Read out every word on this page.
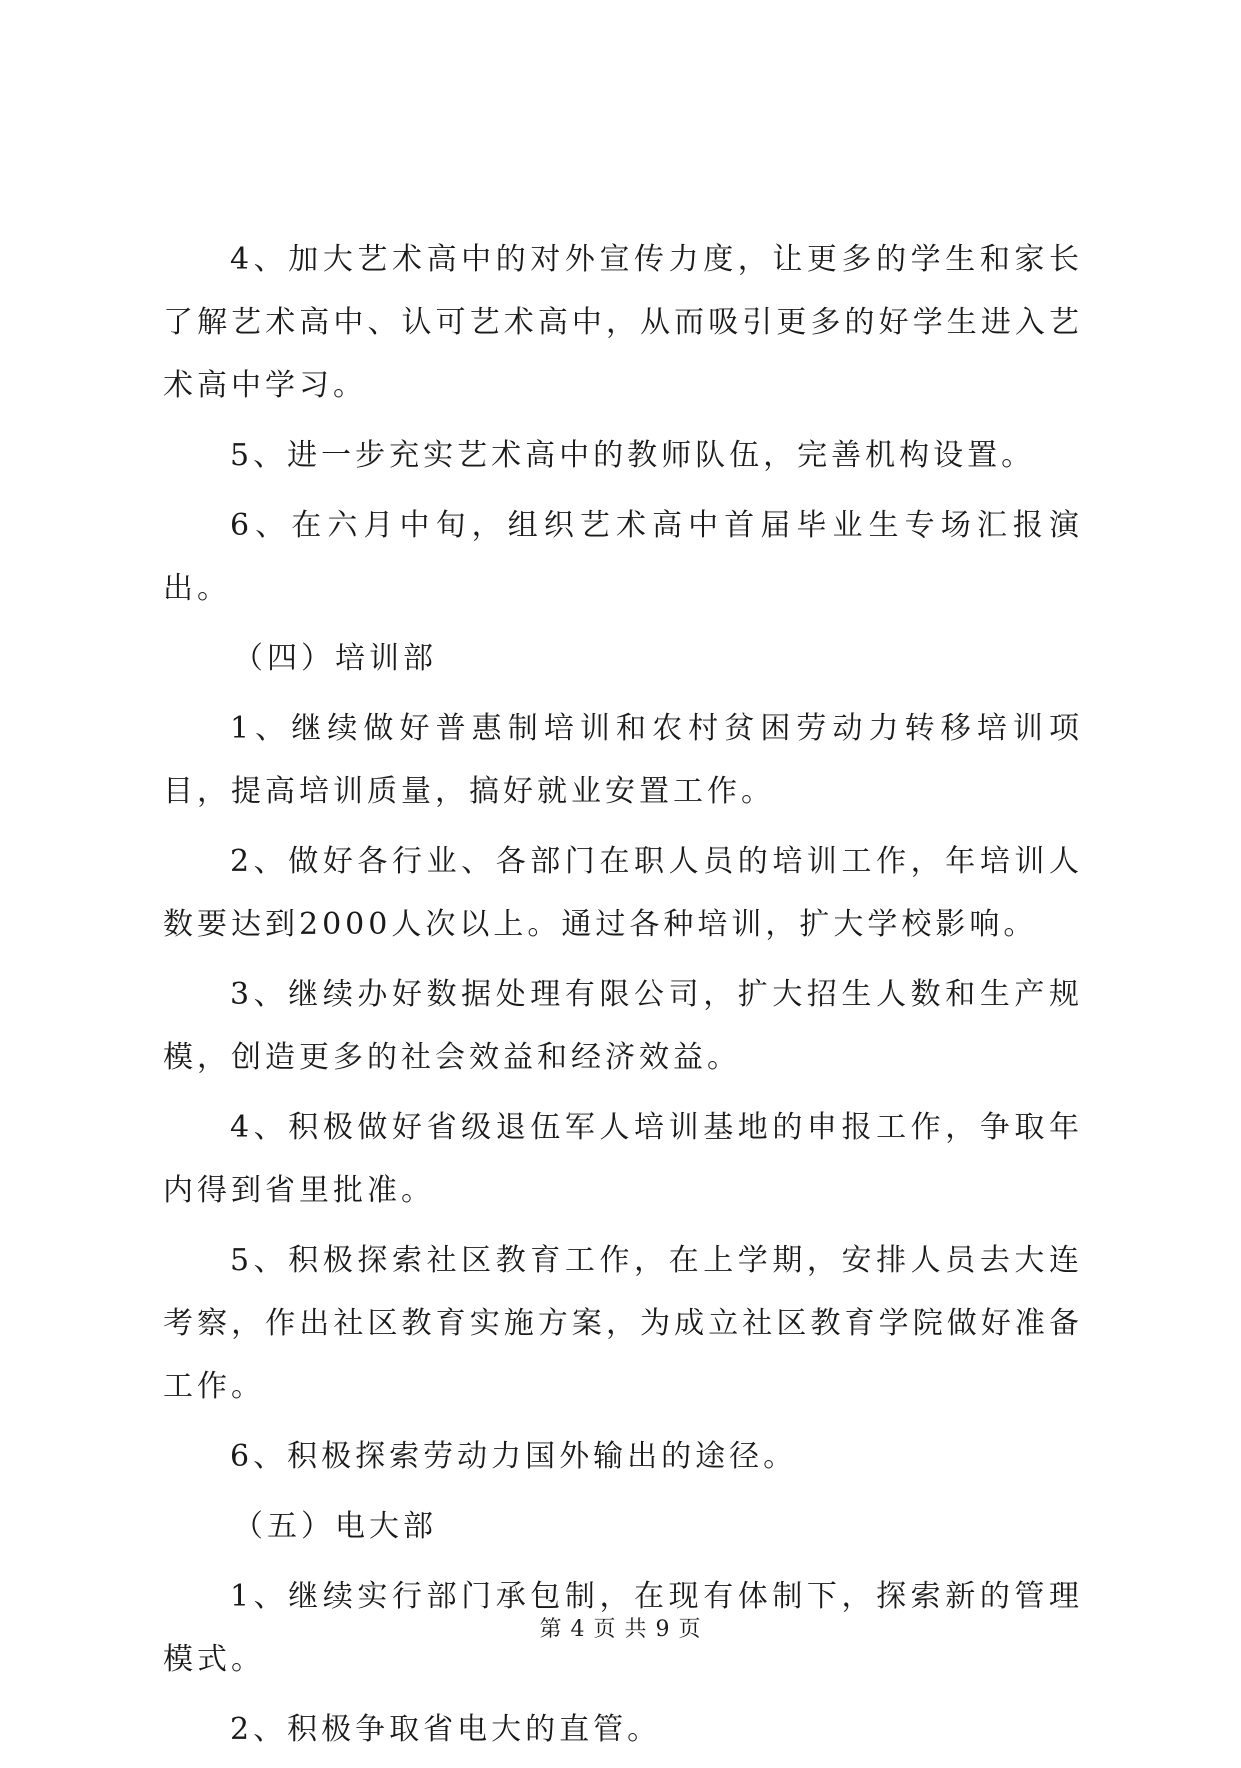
4、加大艺术高中的对外宣传力度，让更多的学生和家长了解艺术高中、认可艺术高中，从而吸引更多的好学生进入艺术高中学习。

5、进一步充实艺术高中的教师队伍，完善机构设置。

6、在六月中旬，组织艺术高中首届毕业生专场汇报演出。

（四）培训部

1、继续做好普惠制培训和农村贫困劳动力转移培训项目，提高培训质量，搞好就业安置工作。

2、做好各行业、各部门在职人员的培训工作，年培训人数要达到2000人次以上。通过各种培训，扩大学校影响。

3、继续办好数据处理有限公司，扩大招生人数和生产规模，创造更多的社会效益和经济效益。

4、积极做好省级退伍军人培训基地的申报工作，争取年内得到省里批准。

5、积极探索社区教育工作，在上学期，安排人员去大连考察，作出社区教育实施方案，为成立社区教育学院做好准备工作。

6、积极探索劳动力国外输出的途径。

（五）电大部

1、继续实行部门承包制，在现有体制下，探索新的管理模式。

2、积极争取省电大的直管。

第 4 页 共 9 页
